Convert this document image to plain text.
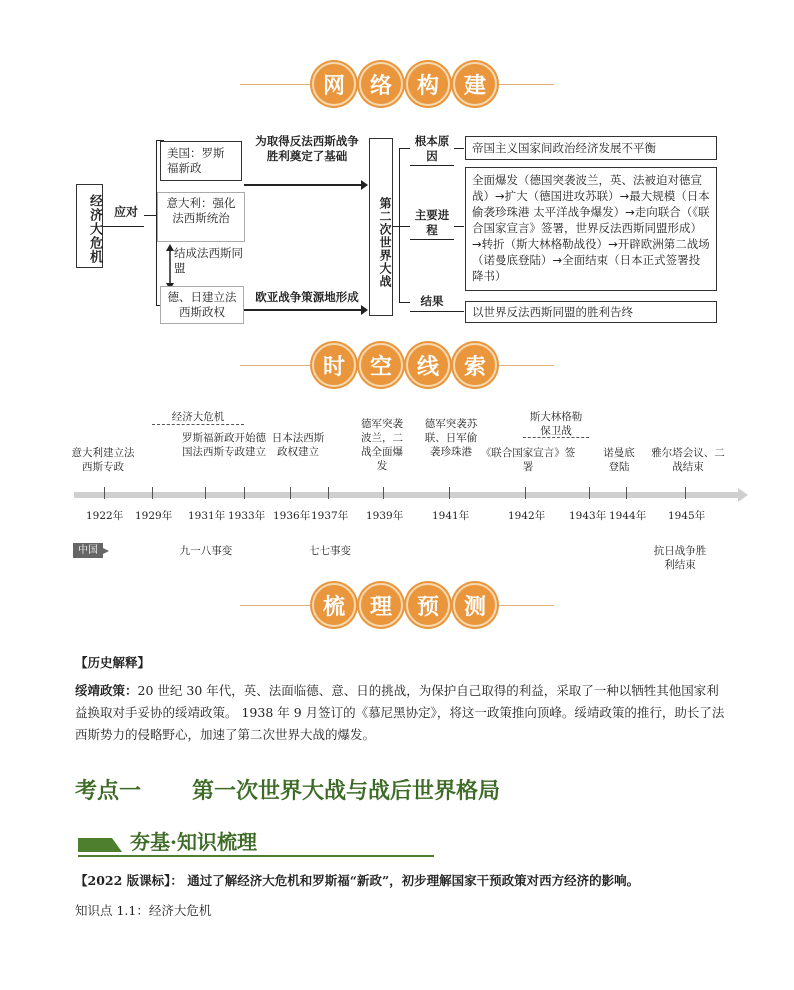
网	络	构	建
经济大危机 应对
美国：罗斯福新政
意大利：强化法西斯统治
结成法西斯同盟
德、日建立法西斯政权
为取得反法西斯战争胜利奠定了基础
欧亚战争策源地形成
第二次世界大战
根本原因
帝国主义国家间政治经济发展不平衡
主要进程
全面爆发（德国突袭波兰，英、法被迫对德宣战）→扩大（德国进攻苏联）→最大规模（日本偷袭珍珠港 太平洋战争爆发）→走向联合（《联合国家宣言》签署，世界反法西斯同盟形成）→转折（斯大林格勒战役）→开辟欧洲第二战场（诺曼底登陆）→全面结束（日本正式签署投降书）
结果
以世界反法西斯同盟的胜利告终
时	空	线	索
经济大危机	斯大林格勒保卫战
意大利建立法西斯专政
罗斯福新政开始德国法西斯专政建立
日本法西斯政权建立
德军突袭波兰，二战全面爆发
德军突袭苏联、日军偷袭珍珠港 《联合国家宣言》签署
诺曼底登陆
雅尔塔会议、二战结束
1922年 1929年 1931年 1933年 1936年 1937年 1939年	1941年	1942年 1943年 1944年 1945年
中国	九一八事变	七七事变	抗日战争胜利结束
梳	理	预	测
【历史解释】
绥靖政策：20 世纪 30 年代，英、法面临德、意、日的挑战，为保护自己取得的利益，采取了一种以牺牲其他国家利益换取对手妥协的绥靖政策。 1938 年 9 月签订的《慕尼黑协定》，将这一政策推向顶峰。绥靖政策的推行，助长了法西斯势力的侵略野心，加速了第二次世界大战的爆发。
考点一 第一次世界大战与战后世界格局
夯基·知识梳理
【2022 版课标】： 通过了解经济大危机和罗斯福“新政”，初步理解国家干预政策对西方经济的影响。
知识点 1.1：经济大危机
